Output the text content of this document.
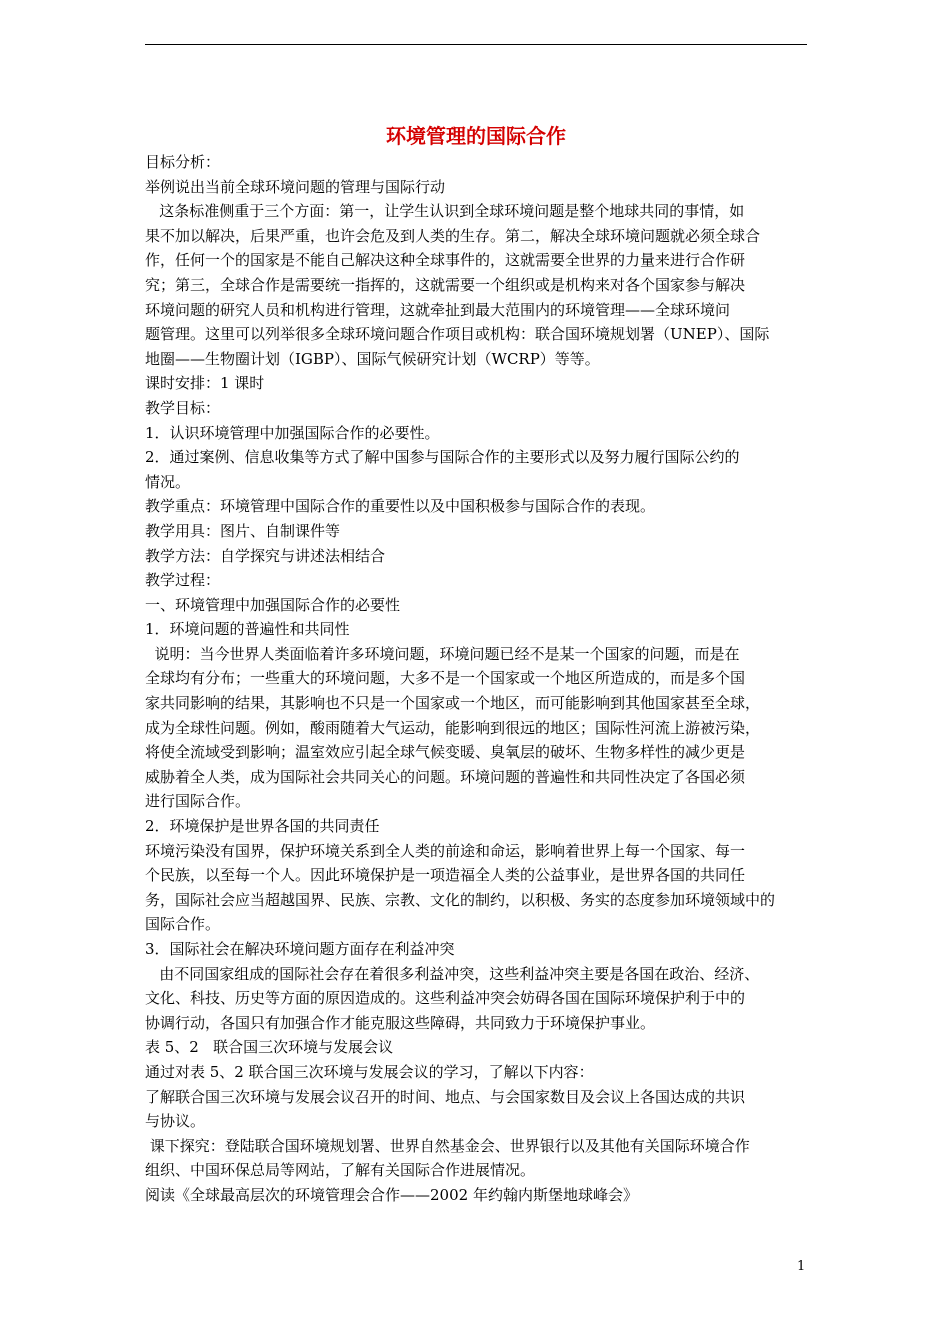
环境管理的国际合作
目标分析：
举例说出当前全球环境问题的管理与国际行动
这条标准侧重于三个方面：第一，让学生认识到全球环境问题是整个地球共同的事情，如
果不加以解决，后果严重，也许会危及到人类的生存。第二，解决全球环境问题就必须全球合
作，任何一个的国家是不能自己解决这种全球事件的，这就需要全世界的力量来进行合作研
究；第三，全球合作是需要统一指挥的，这就需要一个组织或是机构来对各个国家参与解决
环境问题的研究人员和机构进行管理，这就牵扯到最大范围内的环境管理——全球环境问
题管理。这里可以列举很多全球环境问题合作项目或机构：联合国环境规划署（UNEP）、国际
地圈——生物圈计划（IGBP）、国际气候研究计划（WCRP）等等。
课时安排：1 课时
教学目标：
1．认识环境管理中加强国际合作的必要性。
2．通过案例、信息收集等方式了解中国参与国际合作的主要形式以及努力履行国际公约的
情况。
教学重点：环境管理中国际合作的重要性以及中国积极参与国际合作的表现。
教学用具：图片、自制课件等
教学方法：自学探究与讲述法相结合
教学过程：
一、环境管理中加强国际合作的必要性
1．环境问题的普遍性和共同性
说明：当今世界人类面临着许多环境问题，环境问题已经不是某一个国家的问题，而是在
全球均有分布；一些重大的环境问题，大多不是一个国家或一个地区所造成的，而是多个国
家共同影响的结果，其影响也不只是一个国家或一个地区，而可能影响到其他国家甚至全球，
成为全球性问题。例如，酸雨随着大气运动，能影响到很远的地区；国际性河流上游被污染，
将使全流域受到影响；温室效应引起全球气候变暖、臭氧层的破坏、生物多样性的减少更是
威胁着全人类，成为国际社会共同关心的问题。环境问题的普遍性和共同性决定了各国必须
进行国际合作。
2．环境保护是世界各国的共同责任
环境污染没有国界，保护环境关系到全人类的前途和命运，影响着世界上每一个国家、每一
个民族，以至每一个人。因此环境保护是一项造福全人类的公益事业，是世界各国的共同任
务，国际社会应当超越国界、民族、宗教、文化的制约，以积极、务实的态度参加环境领域中的
国际合作。
3．国际社会在解决环境问题方面存在利益冲突
由不同国家组成的国际社会存在着很多利益冲突，这些利益冲突主要是各国在政治、经济、
文化、科技、历史等方面的原因造成的。这些利益冲突会妨碍各国在国际环境保护利于中的
协调行动，各国只有加强合作才能克服这些障碍，共同致力于环境保护事业。
表 5、2   联合国三次环境与发展会议
通过对表 5、2 联合国三次环境与发展会议的学习，了解以下内容：
了解联合国三次环境与发展会议召开的时间、地点、与会国家数目及会议上各国达成的共识
与协议。
课下探究：登陆联合国环境规划署、世界自然基金会、世界银行以及其他有关国际环境合作
组织、中国环保总局等网站，了解有关国际合作进展情况。
阅读《全球最高层次的环境管理会合作——2002 年约翰内斯堡地球峰会》
1
